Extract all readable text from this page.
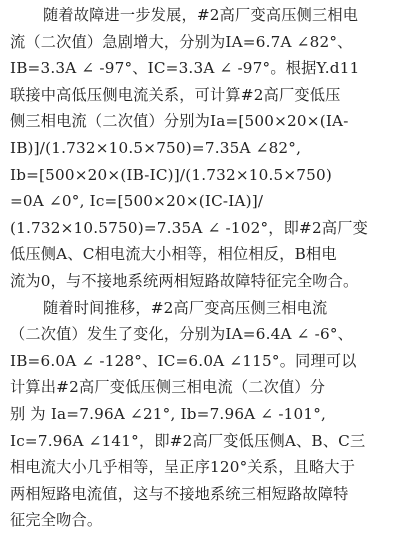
随着故障进一步发展，#2高厂变高压侧三相电
流（二次值）急剧增大，分别为IA=6.7A ∠82°、
IB=3.3A ∠ -97°、IC=3.3A ∠ -97°。根据Y.d11
联接中高低压侧电流关系，可计算#2高厂变低压
侧三相电流（二次值）分别为Ia=[500×20×(IA-
IB)]/(1.732×10.5×750)=7.35A ∠82°,
Ib=[500×20×(IB-IC)]/(1.732×10.5×750)
=0A ∠0°, Ic=[500×20×(IC-IA)]/
(1.732×10.5750)=7.35A ∠ -102°，即#2高厂变
低压侧A、C相电流大小相等，相位相反，B相电
流为0，与不接地系统两相短路故障特征完全吻合。
随着时间推移，#2高厂变高压侧三相电流
（二次值）发生了变化，分别为IA=6.4A ∠ -6°、
IB=6.0A ∠ -128°、IC=6.0A ∠115°。同理可以
计算出#2高厂变低压侧三相电流（二次值）分
别 为 Ia=7.96A ∠21°, Ib=7.96A ∠ -101°,
Ic=7.96A ∠141°，即#2高厂变低压侧A、B、C三
相电流大小几乎相等，呈正序120°关系，且略大于
两相短路电流值，这与不接地系统三相短路故障特
征完全吻合。
